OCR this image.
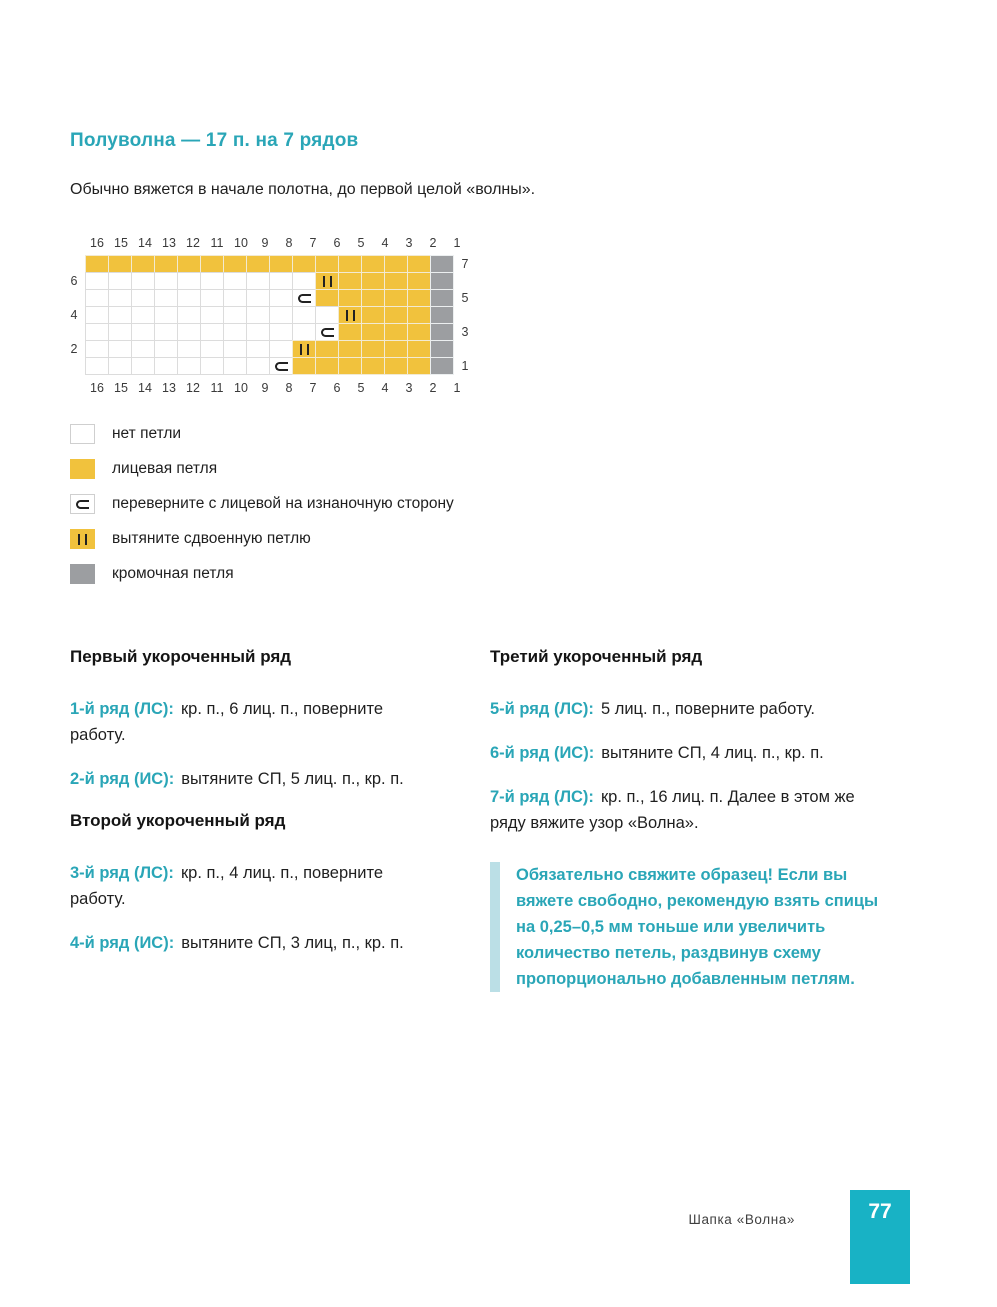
Полуволна — 17 п. на 7 рядов

Обычно вяжется в начале полотна, до первой целой «волны».

16 15 14 13 12 11 10	9	8	7	6	5	4	3	2	1
7
6
5
4
3
2
1
16 15 14 13 12 11 10	9	8	7	6	5	4	3	2	1
нет петли
лицевая петля
переверните с лицевой на изнаночную сторону
вытяните сдвоенную петлю
кромочная петля
Первый укороченный ряд

1-й ряд (ЛС): кр. п., 6 лиц. п., поверните работу.

2-й ряд (ИС): вытяните СП, 5 лиц. п., кр. п.

Второй укороченный ряд

3-й ряд (ЛС): кр. п., 4 лиц. п., поверните работу.

4-й ряд (ИС): вытяните СП, 3 лиц, п., кр. п.

Третий укороченный ряд

5-й ряд (ЛС): 5 лиц. п., поверните работу.

6-й ряд (ИС): вытяните СП, 4 лиц. п., кр. п.

7-й ряд (ЛС): кр. п., 16 лиц. п. Далее в этом же ряду вяжите узор «Волна».

Обязательно свяжите образец! Если вы вяжете свободно, рекомендую взять спицы на 0,25–0,5 мм тоньше или увеличить количество петель, раздвинув схему пропорционально добавленным петлям.

Шапка «Волна»	77
